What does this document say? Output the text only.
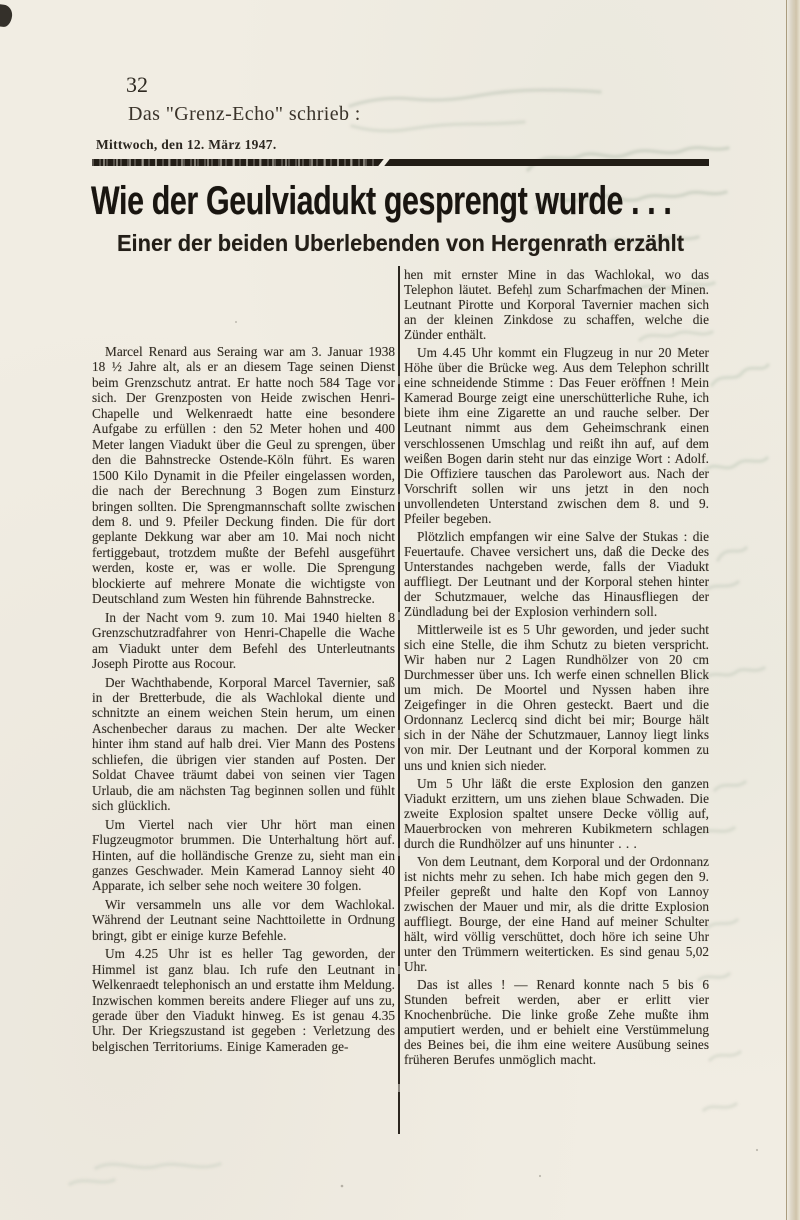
32
Das "Grenz-Echo" schrieb :
Mittwoch, den 12. März 1947.
Wie der Geulviadukt gesprengt wurde . . .
Einer der beiden Uberlebenden von Hergenrath erzählt

Marcel Renard aus Seraing war am 3. Januar 1938 18 ½ Jahre alt, als er an diesem Tage seinen Dienst beim Grenzschutz antrat. Er hatte noch 584 Tage vor sich. Der Grenzposten von Heide zwischen Henri-Chapelle und Welkenraedt hatte eine besondere Aufgabe zu erfüllen : den 52 Meter hohen und 400 Meter langen Viadukt über die Geul zu sprengen, über den die Bahnstrecke Ostende-Köln führt. Es waren 1500 Kilo Dynamit in die Pfeiler eingelassen worden, die nach der Berechnung 3 Bogen zum Einsturz bringen sollten. Die Sprengmannschaft sollte zwischen dem 8. und 9. Pfeiler Deckung finden. Die für dort geplante Dekkung war aber am 10. Mai noch nicht fertiggebaut, trotzdem mußte der Befehl ausgeführt werden, koste er, was er wolle. Die Sprengung blockierte auf mehrere Monate die wichtigste von Deutschland zum Westen hin führende Bahnstrecke.

In der Nacht vom 9. zum 10. Mai 1940 hielten 8 Grenzschutzradfahrer von Henri-Chapelle die Wache am Viadukt unter dem Befehl des Unterleutnants Joseph Pirotte aus Rocour.

Der Wachthabende, Korporal Marcel Tavernier, saß in der Bretterbude, die als Wachlokal diente und schnitzte an einem weichen Stein herum, um einen Aschenbecher daraus zu machen. Der alte Wecker hinter ihm stand auf halb drei. Vier Mann des Postens schliefen, die übrigen vier standen auf Posten. Der Soldat Chavee träumt dabei von seinen vier Tagen Urlaub, die am nächsten Tag beginnen sollen und fühlt sich glücklich.

Um Viertel nach vier Uhr hört man einen Flugzeugmotor brummen. Die Unterhaltung hört auf. Hinten, auf die holländische Grenze zu, sieht man ein ganzes Geschwader. Mein Kamerad Lannoy sieht 40 Apparate, ich selber sehe noch weitere 30 folgen.

Wir versammeln uns alle vor dem Wachlokal. Während der Leutnant seine Nachttoilette in Ordnung bringt, gibt er einige kurze Befehle.

Um 4.25 Uhr ist es heller Tag geworden, der Himmel ist ganz blau. Ich rufe den Leutnant in Welkenraedt telephonisch an und erstatte ihm Meldung. Inzwischen kommen bereits andere Flieger auf uns zu, gerade über den Viadukt hinweg. Es ist genau 4.35 Uhr. Der Kriegszustand ist gegeben : Verletzung des belgischen Territoriums. Einige Kameraden ge-

hen mit ernster Mine in das Wachlokal, wo das Telephon läutet. Befehl zum Scharfmachen der Minen. Leutnant Pirotte und Korporal Tavernier machen sich an der kleinen Zinkdose zu schaffen, welche die Zünder enthält.

Um 4.45 Uhr kommt ein Flugzeug in nur 20 Meter Höhe über die Brücke weg. Aus dem Telephon schrillt eine schneidende Stimme : Das Feuer eröffnen ! Mein Kamerad Bourge zeigt eine unerschütterliche Ruhe, ich biete ihm eine Zigarette an und rauche selber. Der Leutnant nimmt aus dem Geheimschrank einen verschlossenen Umschlag und reißt ihn auf, auf dem weißen Bogen darin steht nur das einzige Wort : Adolf. Die Offiziere tauschen das Parolewort aus. Nach der Vorschrift sollen wir uns jetzt in den noch unvollendeten Unterstand zwischen dem 8. und 9. Pfeiler begeben.

Plötzlich empfangen wir eine Salve der Stukas : die Feuertaufe. Chavee versichert uns, daß die Decke des Unterstandes nachgeben werde, falls der Viadukt auffliegt. Der Leutnant und der Korporal stehen hinter der Schutzmauer, welche das Hinausfliegen der Zündladung bei der Explosion verhindern soll.

Mittlerweile ist es 5 Uhr geworden, und jeder sucht sich eine Stelle, die ihm Schutz zu bieten verspricht. Wir haben nur 2 Lagen Rundhölzer von 20 cm Durchmesser über uns. Ich werfe einen schnellen Blick um mich. De Moortel und Nyssen haben ihre Zeigefinger in die Ohren gesteckt. Baert und die Ordonnanz Leclercq sind dicht bei mir; Bourge hält sich in der Nähe der Schutzmauer, Lannoy liegt links von mir. Der Leutnant und der Korporal kommen zu uns und knien sich nieder.

Um 5 Uhr läßt die erste Explosion den ganzen Viadukt erzittern, um uns ziehen blaue Schwaden. Die zweite Explosion spaltet unsere Decke völlig auf, Mauerbrocken von mehreren Kubikmetern schlagen durch die Rundhölzer auf uns hinunter . . .

Von dem Leutnant, dem Korporal und der Ordonnanz ist nichts mehr zu sehen. Ich habe mich gegen den 9. Pfeiler gepreßt und halte den Kopf von Lannoy zwischen der Mauer und mir, als die dritte Explosion auffliegt. Bourge, der eine Hand auf meiner Schulter hält, wird völlig verschüttet, doch höre ich seine Uhr unter den Trümmern weiterticken. Es sind genau 5,02 Uhr.

Das ist alles ! — Renard konnte nach 5 bis 6 Stunden befreit werden, aber er erlitt vier Knochenbrüche. Die linke große Zehe mußte ihm amputiert werden, und er behielt eine Verstümmelung des Beines bei, die ihm eine weitere Ausübung seines früheren Berufes unmöglich macht.
